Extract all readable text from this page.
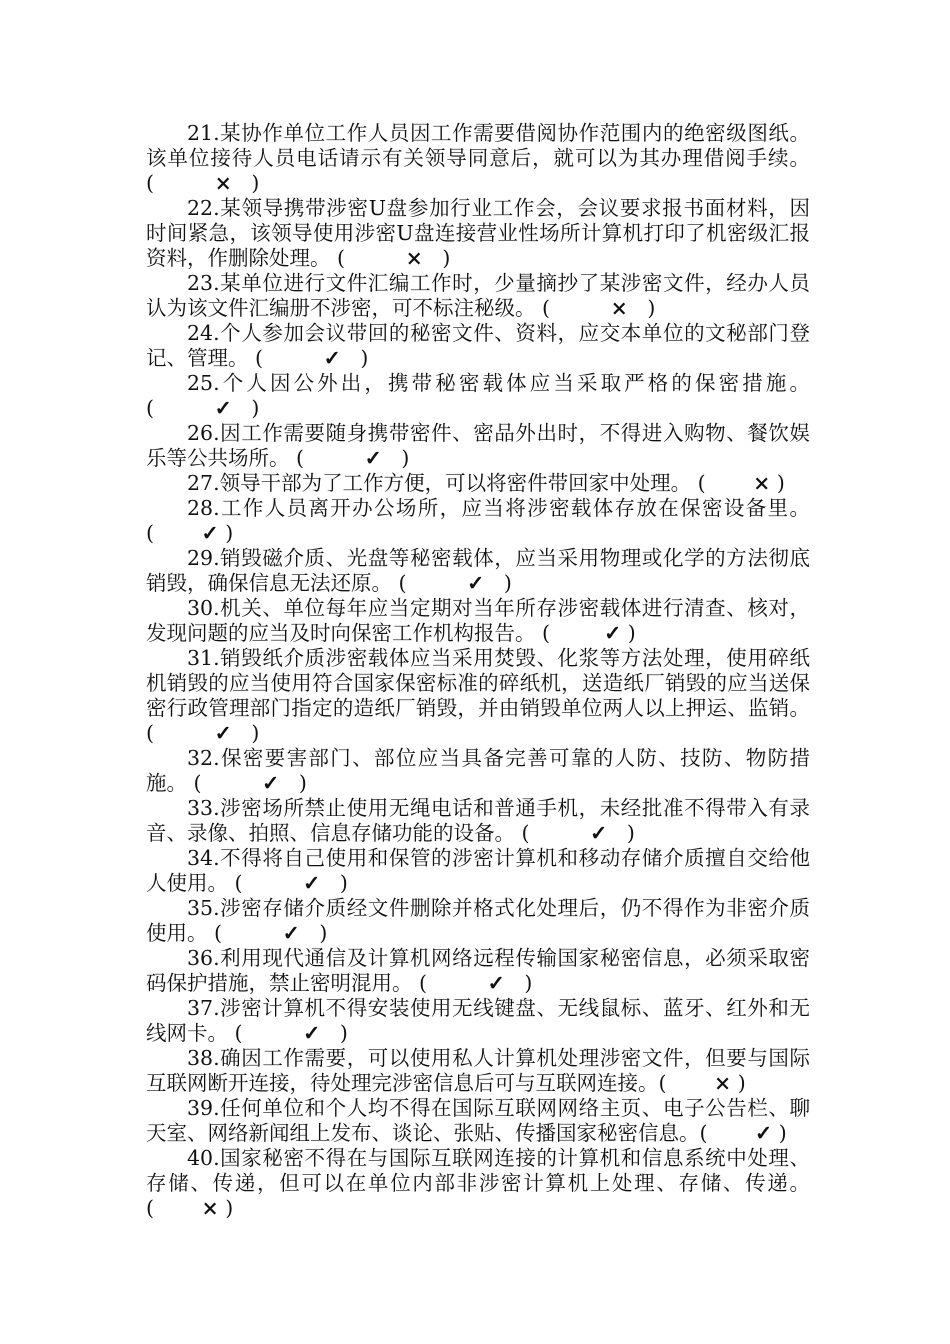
21.某协作单位工作人员因工作需要借阅协作范围内的绝密级图纸。该单位接待人员电话请示有关领导同意后，就可以为其办理借阅手续。 (	× )

22.某领导携带涉密U盘参加行业工作会，会议要求报书面材料，因时间紧急，该领导使用涉密U盘连接营业性场所计算机打印了机密级汇报资料，作删除处理。 (	× )

23.某单位进行文件汇编工作时，少量摘抄了某涉密文件，经办人员认为该文件汇编册不涉密，可不标注秘级。 (	× )

24.个人参加会议带回的秘密文件、资料，应交本单位的文秘部门登记、管理。 (	✓ )

25.个人因公外出，携带秘密载体应当采取严格的保密措施。 (	✓ )

26.因工作需要随身携带密件、密品外出时，不得进入购物、餐饮娱乐等公共场所。 (	✓ )

27.领导干部为了工作方便，可以将密件带回家中处理。 ( × )

28.工作人员离开办公场所，应当将涉密载体存放在保密设备里。 ( ✓ )

29.销毁磁介质、光盘等秘密载体，应当采用物理或化学的方法彻底销毁，确保信息无法还原。 (	✓ )

30.机关、单位每年应当定期对当年所存涉密载体进行清查、核对，发现问题的应当及时向保密工作机构报告。 (	✓ )

31.销毁纸介质涉密载体应当采用焚毁、化浆等方法处理，使用碎纸机销毁的应当使用符合国家保密标准的碎纸机，送造纸厂销毁的应当送保密行政管理部门指定的造纸厂销毁，并由销毁单位两人以上押运、监销。 (	✓ )

32.保密要害部门、部位应当具备完善可靠的人防、技防、物防措施。 (	✓ )

33.涉密场所禁止使用无绳电话和普通手机，未经批准不得带入有录音、录像、拍照、信息存储功能的设备。 (	✓ )

34.不得将自己使用和保管的涉密计算机和移动存储介质擅自交给他人使用。 (	✓ )

35.涉密存储介质经文件删除并格式化处理后，仍不得作为非密介质使用。 (	✓ )

36.利用现代通信及计算机网络远程传输国家秘密信息，必须采取密码保护措施，禁止密明混用。 (	✓ )

37.涉密计算机不得安装使用无线键盘、无线鼠标、蓝牙、红外和无线网卡。 (	✓ )

38.确因工作需要，可以使用私人计算机处理涉密文件，但要与国际互联网断开连接，待处理完涉密信息后可与互联网连接。( × )

39.任何单位和个人均不得在国际互联网网络主页、电子公告栏、聊天室、网络新闻组上发布、谈论、张贴、传播国家秘密信息。( ✓ )

40.国家秘密不得在与国际互联网连接的计算机和信息系统中处理、存储、传递，但可以在单位内部非涉密计算机上处理、存储、传递。 ( × )
